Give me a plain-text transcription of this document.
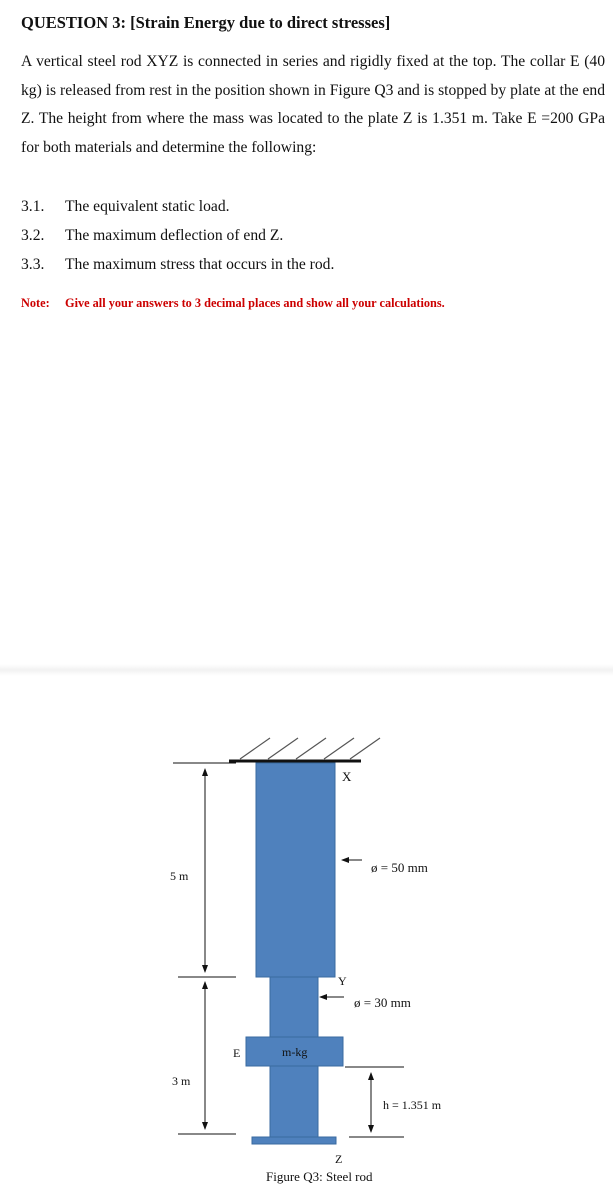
QUESTION 3: [Strain Energy due to direct stresses]
A vertical steel rod XYZ is connected in series and rigidly fixed at the top. The collar E (40 kg) is released from rest in the position shown in Figure Q3 and is stopped by plate at the end Z. The height from where the mass was located to the plate Z is 1.351 m. Take E =200 GPa for both materials and determine the following:
3.1. The equivalent static load.
3.2. The maximum deflection of end Z.
3.3. The maximum stress that occurs in the rod.
Note: Give all your answers to 3 decimal places and show all your calculations.
X
Y
Z
E	m-kg
ø = 50 mm
ø = 30 mm
5 m
3 m
h = 1.351 m
Figure Q3: Steel rod
